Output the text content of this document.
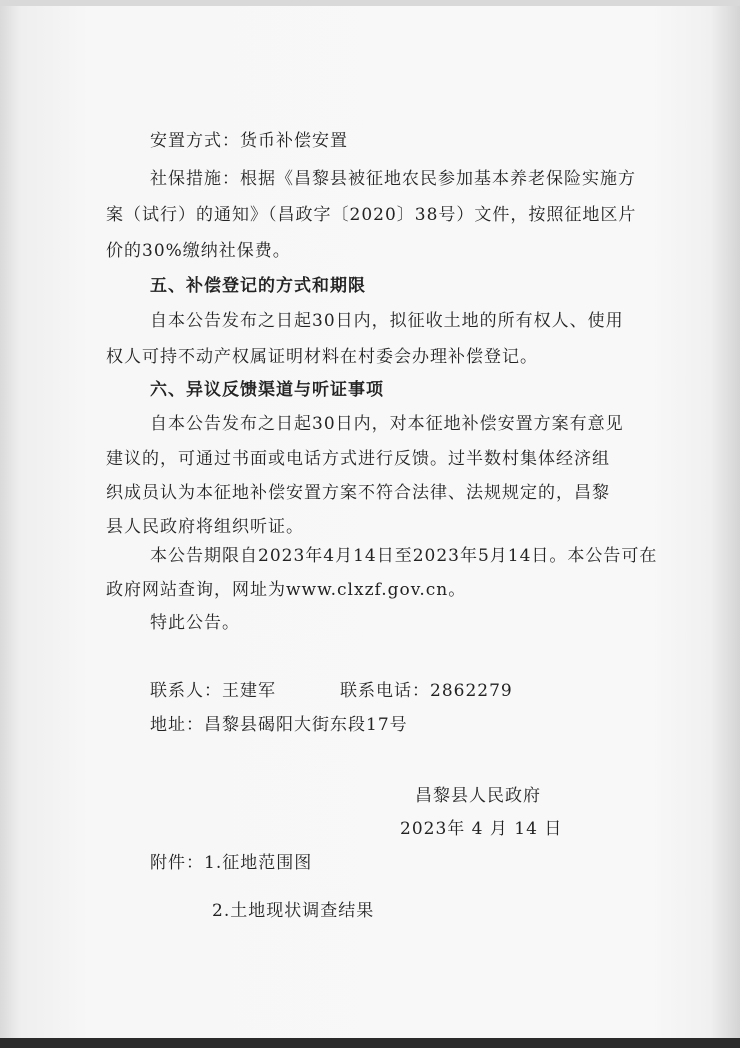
安置方式：货币补偿安置
社保措施：根据《昌黎县被征地农民参加基本养老保险实施方
案（试行）的通知》（昌政字〔2020〕38号）文件，按照征地区片
价的30%缴纳社保费。
五、补偿登记的方式和期限
自本公告发布之日起30日内，拟征收土地的所有权人、使用
权人可持不动产权属证明材料在村委会办理补偿登记。
六、异议反馈渠道与听证事项
自本公告发布之日起30日内，对本征地补偿安置方案有意见
建议的，可通过书面或电话方式进行反馈。过半数村集体经济组
织成员认为本征地补偿安置方案不符合法律、法规规定的，昌黎
县人民政府将组织听证。
本公告期限自2023年4月14日至2023年5月14日。本公告可在
政府网站查询，网址为www.clxzf.gov.cn。
特此公告。
联系人：王建军	联系电话：2862279
地址：昌黎县碣阳大街东段17号
昌黎县人民政府
2023年 4 月 14 日
附件：1.征地范围图
2.土地现状调查结果
